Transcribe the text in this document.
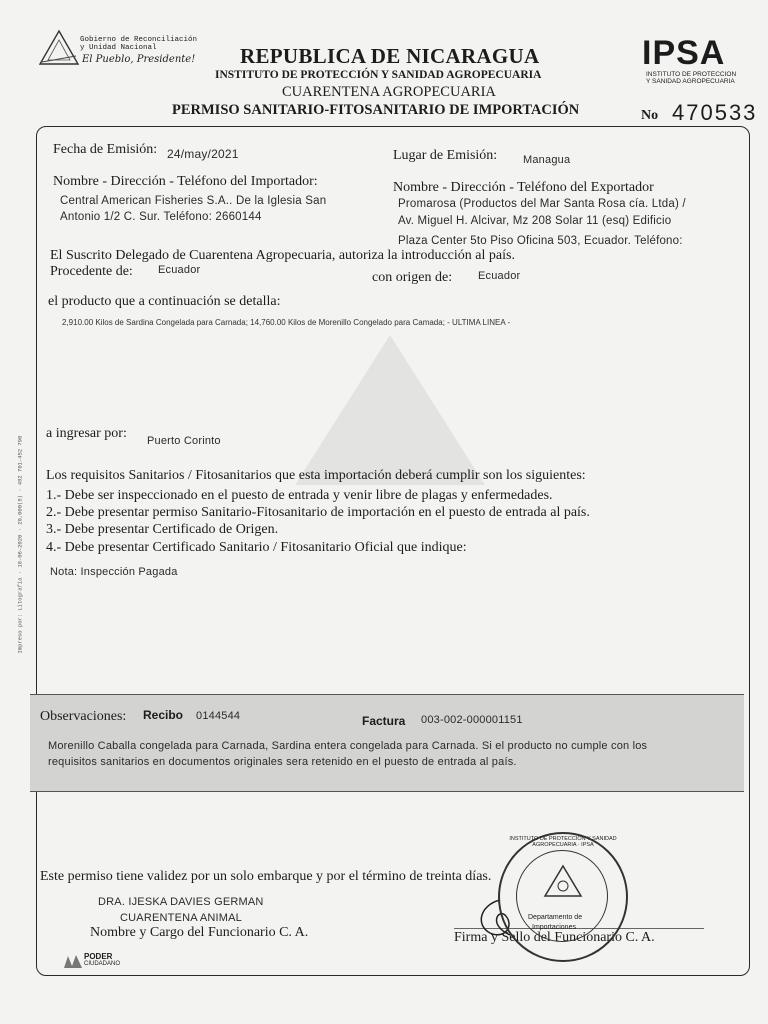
Gobierno de Reconciliación
y Unidad Nacional
El Pueblo, Presidente! REPUBLICA DE NICARAGUA
INSTITUTO DE PROTECCIÓN Y SANIDAD AGROPECUARIA
CUARENTENA AGROPECUARIA
PERMISO SANITARIO-FITOSANITARIO DE IMPORTACIÓN
IPSA
INSTITUTO DE PROTECCION
Y SANIDAD AGROPECUARIA
No 470533
Fecha de Emisión: 24/may/2021	Lugar de Emisión: Managua
Nombre - Dirección - Teléfono del Importador:
Central American Fisheries S.A.. De la Iglesia San
Antonio 1/2 C. Sur. Teléfono: 2660144
Nombre - Dirección - Teléfono del Exportador
Promarosa (Productos del Mar Santa Rosa cía. Ltda) /
Av. Miguel H. Alcivar, Mz 208 Solar 11 (esq) Edificio
Plaza Center 5to Piso Oficina 503, Ecuador. Teléfono:
El Suscrito Delegado de Cuarentena Agropecuaria, autoriza la introducción al país.
Procedente de: Ecuador	con origen de: Ecuador
el producto que a continuación se detalla:
2,910.00 Kilos de Sardina Congelada para Carnada; 14,760.00 Kilos de Morenillo Congelado para Camada; - ULTIMA LINEA -
a ingresar por: Puerto Corinto
Los requisitos Sanitarios / Fitosanitarios que esta importación deberá cumplir son los siguientes:
1.- Debe ser inspeccionado en el puesto de entrada y venir libre de plagas y enfermedades.
2.- Debe presentar permiso Sanitario-Fitosanitario de importación en el puesto de entrada al país.
3.- Debe presentar Certificado de Origen.
4.- Debe presentar Certificado Sanitario / Fitosanitario Oficial que indique:
Nota: Inspección Pagada
Observaciones: Recibo 0144544	Factura 003-002-000001151
Morenillo Caballa congelada para Carnada, Sardina entera congelada para Carnada. Si el producto no cumple con los
requisitos sanitarios en documentos originales sera retenido en el puesto de entrada al país.
Este permiso tiene validez por un solo embarque y por el término de treinta días.
DRA. IJESKA DAVIES GERMAN
CUARENTENA ANIMAL
Nombre y Cargo del Funcionario C. A.	Firma y Sello del Funcionario C. A.
INSTITUTO DE PROTECCION Y SANIDAD AGROPECUARIA · IPSA
Departamento de
Importaciones
PODER
CIUDADANO
Impreso por: Litografía · 18-06-2020 · 20,000(5) · 482 701-452 790
